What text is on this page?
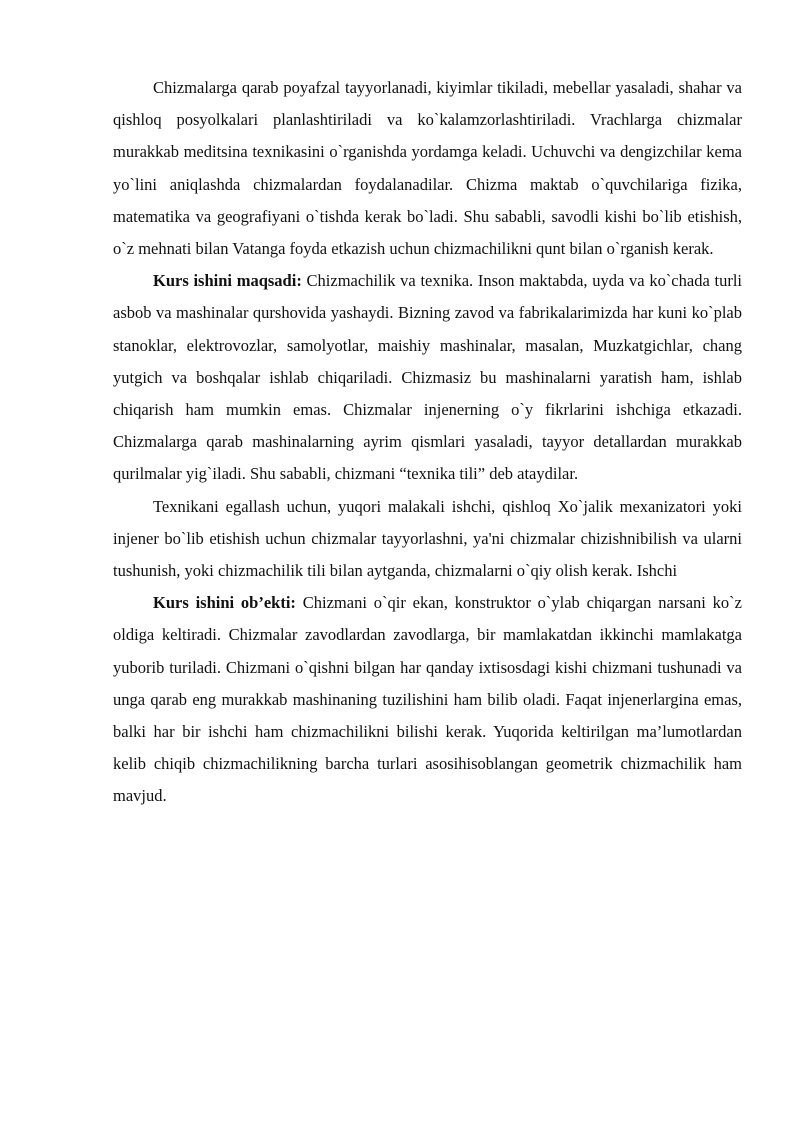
Chizmalarga qarab poyafzal tayyorlanadi, kiyimlar tikiladi, mebellar yasaladi, shahar va qishloq posyolkalari planlashtiriladi va ko`kalamzorlashtiriladi. Vrachlarga chizmalar murakkab meditsina texnikasini o`rganishda yordamga keladi. Uchuvchi va dengizchilar kema yo`lini aniqlashda chizmalardan foydalanadilar. Chizma maktab o`quvchilariga fizika, matematika va geografiyani o`tishda kerak bo`ladi. Shu sababli, savodli kishi bo`lib etishish, o`z mehnati bilan Vatanga foyda etkazish uchun chizmachilikni qunt bilan o`rganish kerak.

Kurs ishini maqsadi: Chizmachilik va texnika. Inson maktabda, uyda va ko`chada turli asbob va mashinalar qurshovida yashaydi. Bizning zavod va fabrikalarimizda har kuni ko`plab stanoklar, elektrovozlar, samolyotlar, maishiy mashinalar, masalan, Muzkatgichlar, chang yutgich va boshqalar ishlab chiqariladi. Chizmasiz bu mashinalarni yaratish ham, ishlab chiqarish ham mumkin emas. Chizmalar injenerning o`y fikrlarini ishchiga etkazadi. Chizmalarga qarab mashinalarning ayrim qismlari yasaladi, tayyor detallardan murakkab qurilmalar yig`iladi. Shu sababli, chizmani “texnika tili” deb ataydilar.

Texnikani egallash uchun, yuqori malakali ishchi, qishloq Xo`jalik mexanizatori yoki injener bo`lib etishish uchun chizmalar tayyorlashni, ya'ni chizmalar chizishnibilish va ularni tushunish, yoki chizmachilik tili bilan aytganda, chizmalarni o`qiy olish kerak. Ishchi

Kurs ishini ob’ekti: Chizmani o`qir ekan, konstruktor o`ylab chiqargan narsani ko`z oldiga keltiradi. Chizmalar zavodlardan zavodlarga, bir mamlakatdan ikkinchi mamlakatga yuborib turiladi. Chizmani o`qishni bilgan har qanday ixtisosdagi kishi chizmani tushunadi va unga qarab eng murakkab mashinaning tuzilishini ham bilib oladi. Faqat injenerlargina emas, balki har bir ishchi ham chizmachilikni bilishi kerak. Yuqorida keltirilgan ma’lumotlardan kelib chiqib chizmachilikning barcha turlari asosihisoblangan geometrik chizmachilik ham mavjud.
